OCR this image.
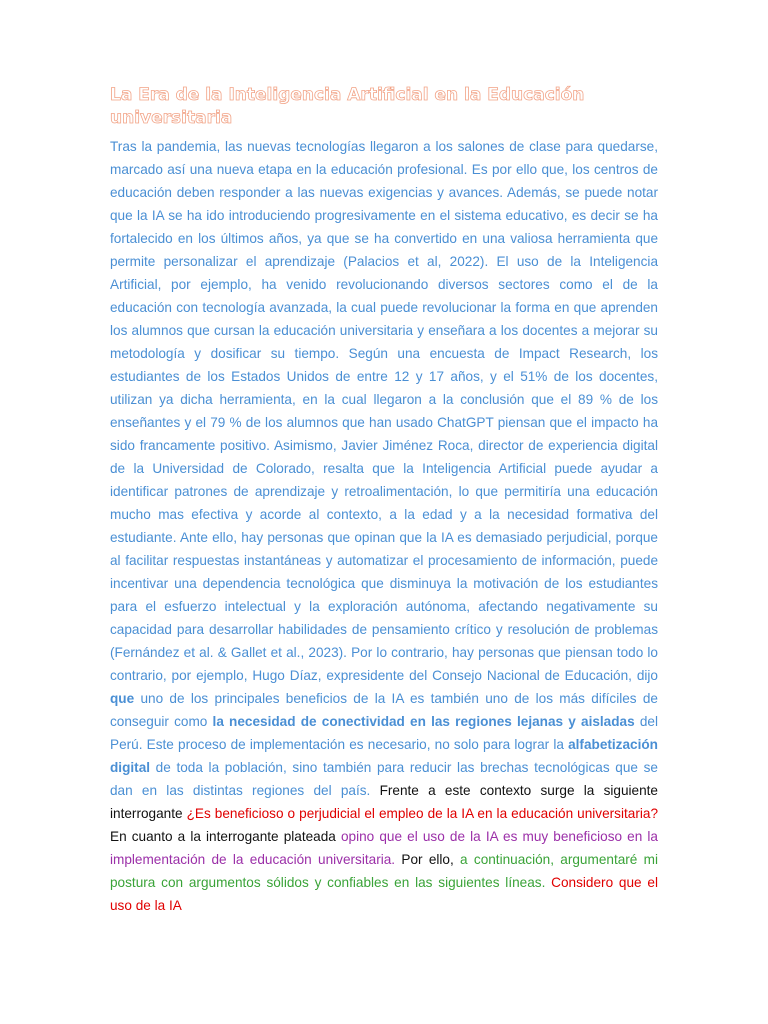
La Era de la Inteligencia Artificial en la Educación universitaria

Tras la pandemia, las nuevas tecnologías llegaron a los salones de clase para quedarse, marcado así una nueva etapa en la educación profesional. Es por ello que, los centros de educación deben responder a las nuevas exigencias y avances. Además, se puede notar que la IA se ha ido introduciendo progresivamente en el sistema educativo, es decir se ha fortalecido en los últimos años, ya que se ha convertido en una valiosa herramienta que permite personalizar el aprendizaje (Palacios et al, 2022). El uso de la Inteligencia Artificial, por ejemplo, ha venido revolucionando diversos sectores como el de la educación con tecnología avanzada, la cual puede revolucionar la forma en que aprenden los alumnos que cursan la educación universitaria y enseñara a los docentes a mejorar su metodología y dosificar su tiempo. Según una encuesta de Impact Research, los estudiantes de los Estados Unidos de entre 12 y 17 años, y el 51% de los docentes, utilizan ya dicha herramienta, en la cual llegaron a la conclusión que el 89 % de los enseñantes y el 79 % de los alumnos que han usado ChatGPT piensan que el impacto ha sido francamente positivo. Asimismo, Javier Jiménez Roca, director de experiencia digital de la Universidad de Colorado, resalta que la Inteligencia Artificial puede ayudar a identificar patrones de aprendizaje y retroalimentación, lo que permitiría una educación mucho mas efectiva y acorde al contexto, a la edad y a la necesidad formativa del estudiante. Ante ello, hay personas que opinan que la IA es demasiado perjudicial, porque al facilitar respuestas instantáneas y automatizar el procesamiento de información, puede incentivar una dependencia tecnológica que disminuya la motivación de los estudiantes para el esfuerzo intelectual y la exploración autónoma, afectando negativamente su capacidad para desarrollar habilidades de pensamiento crítico y resolución de problemas (Fernández et al. & Gallet et al., 2023). Por lo contrario, hay personas que piensan todo lo contrario, por ejemplo, Hugo Díaz, expresidente del Consejo Nacional de Educación, dijo que uno de los principales beneficios de la IA es también uno de los más difíciles de conseguir como la necesidad de conectividad en las regiones lejanas y aisladas del Perú. Este proceso de implementación es necesario, no solo para lograr la alfabetización digital de toda la población, sino también para reducir las brechas tecnológicas que se dan en las distintas regiones del país. Frente a este contexto surge la siguiente interrogante ¿Es beneficioso o perjudicial el empleo de la IA en la educación universitaria? En cuanto a la interrogante plateada opino que el uso de la IA es muy beneficioso en la implementación de la educación universitaria. Por ello, a continuación, argumentaré mi postura con argumentos sólidos y confiables en las siguientes líneas. Considero que el uso de la IA
